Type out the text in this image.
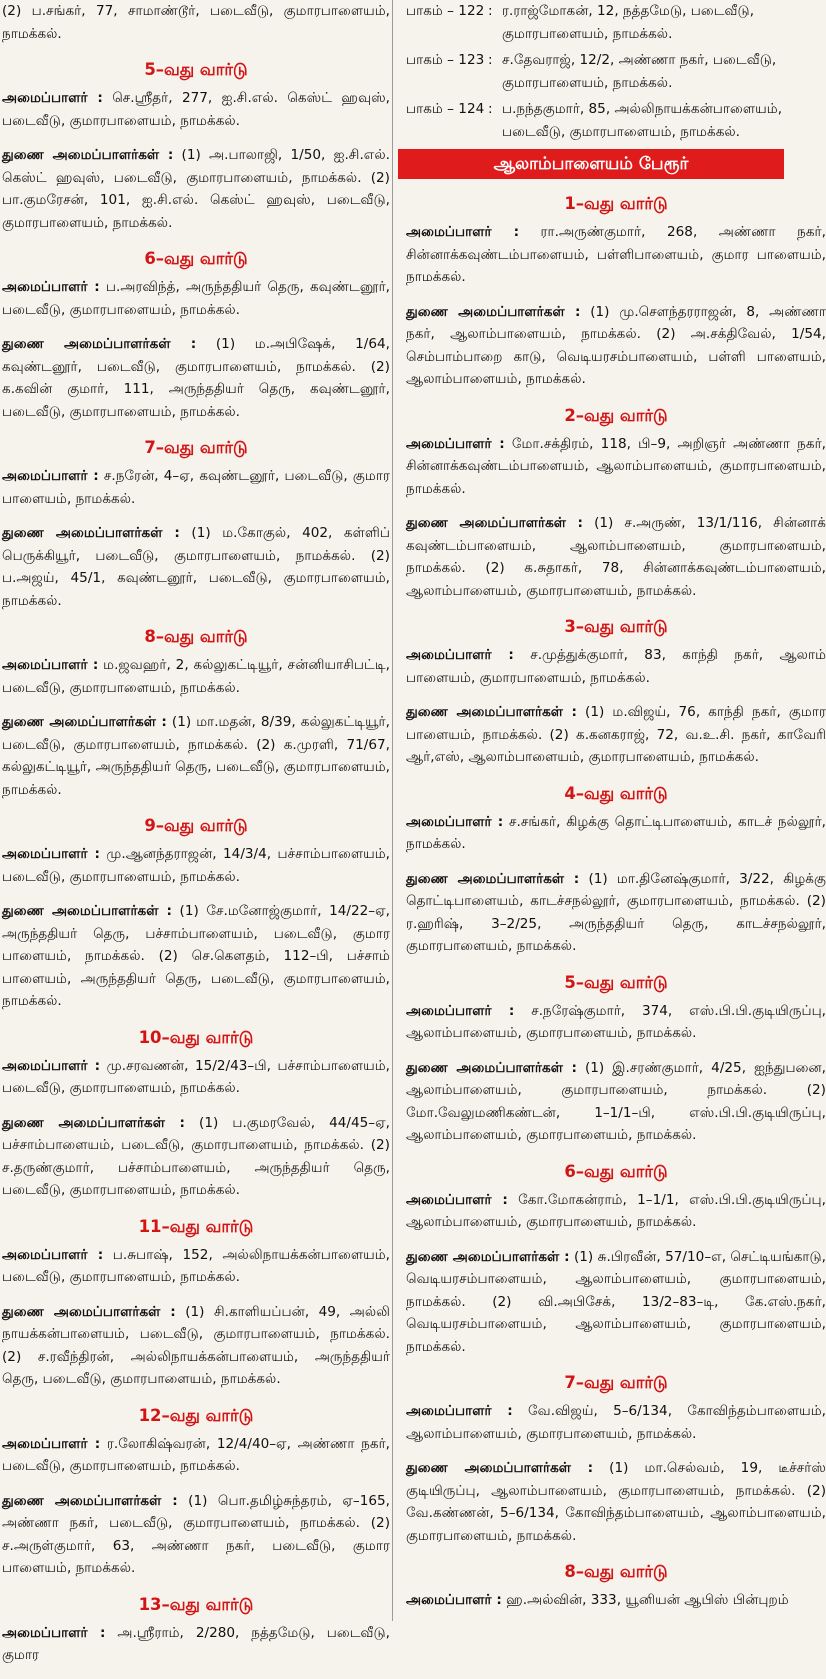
(2) ப.சங்கர், 77, சாமாண்டூர், படைவீடு, குமாரபாளையம், நாமக்கல்.

5–வது வார்டு

அமைப்பாளர் : செ.ஸ்ரீதர், 277, ஐ.சி.எல். கெஸ்ட் ஹவுஸ், படைவீடு, குமாரபாளையம், நாமக்கல்.

துணை அமைப்பாளர்கள் : (1) அ.பாலாஜி, 1/50, ஐ.சி.எல். கெஸ்ட் ஹவுஸ், படைவீடு, குமாரபாளையம், நாமக்கல். (2) பா.குமரேசன், 101, ஐ.சி.எல். கெஸ்ட் ஹவுஸ், படைவீடு, குமாரபாளையம், நாமக்கல்.

6–வது வார்டு

அமைப்பாளர் : ப.அரவிந்த், அருந்ததியர் தெரு, கவுண்டனூர், படைவீடு, குமாரபாளையம், நாமக்கல்.

துணை அமைப்பாளர்கள் : (1) ம.அபிஷேக், 1/64, கவுண்டனூர், படைவீடு, குமாரபாளையம், நாமக்கல். (2) க.கவின் குமார், 111, அருந்ததியர் தெரு, கவுண்டனூர், படைவீடு, குமாரபாளையம், நாமக்கல்.

7–வது வார்டு

அமைப்பாளர் : ச.நரேன், 4–ஏ, கவுண்டனூர், படைவீடு, குமார பாளையம், நாமக்கல்.

துணை அமைப்பாளர்கள் : (1) ம.கோகுல், 402, கள்ளிப் பெருக்கியூர், படைவீடு, குமாரபாளையம், நாமக்கல். (2) ப.அஜய், 45/1, கவுண்டனூர், படைவீடு, குமாரபாளையம், நாமக்கல்.

8–வது வார்டு

அமைப்பாளர் : ம.ஜவஹர், 2, கல்லுகட்டியூர், சன்னியாசிபட்டி, படைவீடு, குமாரபாளையம், நாமக்கல்.

துணை அமைப்பாளர்கள் : (1) மா.மதன், 8/39, கல்லுகட்டியூர், படைவீடு, குமாரபாளையம், நாமக்கல். (2) க.முரளி, 71/67, கல்லுகட்டியூர், அருந்ததியர் தெரு, படைவீடு, குமாரபாளையம், நாமக்கல்.

9–வது வார்டு

அமைப்பாளர் : மு.ஆனந்தராஜன், 14/3/4, பச்சாம்பாளையம், படைவீடு, குமாரபாளையம், நாமக்கல்.

துணை அமைப்பாளர்கள் : (1) சே.மனோஜ்குமார், 14/22–ஏ, அருந்ததியர் தெரு, பச்சாம்பாளையம், படைவீடு, குமார பாளையம், நாமக்கல். (2) செ.கௌதம், 112–பி, பச்சாம் பாளையம், அருந்ததியர் தெரு, படைவீடு, குமாரபாளையம், நாமக்கல்.

10–வது வார்டு

அமைப்பாளர் : மு.சரவணன், 15/2/43–பி, பச்சாம்பாளையம், படைவீடு, குமாரபாளையம், நாமக்கல்.

துணை அமைப்பாளர்கள் : (1) ப.குமரவேல், 44/45–ஏ, பச்சாம்பாளையம், படைவீடு, குமாரபாளையம், நாமக்கல். (2) ச.தருண்குமார், பச்சாம்பாளையம், அருந்ததியர் தெரு, படைவீடு, குமாரபாளையம், நாமக்கல்.

11–வது வார்டு

அமைப்பாளர் : ப.சுபாஷ், 152, அல்லிநாயக்கன்பாளையம், படைவீடு, குமாரபாளையம், நாமக்கல்.

துணை அமைப்பாளர்கள் : (1) சி.காளியப்பன், 49, அல்லி நாயக்கன்பாளையம், படைவீடு, குமாரபாளையம், நாமக்கல். (2) ச.ரவீந்திரன், அல்லிநாயக்கன்பாளையம், அருந்ததியர் தெரு, படைவீடு, குமாரபாளையம், நாமக்கல்.

12–வது வார்டு

அமைப்பாளர் : ர.லோகிஷ்வரன், 12/4/40–ஏ, அண்ணா நகர், படைவீடு, குமாரபாளையம், நாமக்கல்.

துணை அமைப்பாளர்கள் : (1) பொ.தமிழ்சுந்தரம், ஏ–165, அண்ணா நகர், படைவீடு, குமாரபாளையம், நாமக்கல். (2) ச.அருள்குமார், 63, அண்ணா நகர், படைவீடு, குமார பாளையம், நாமக்கல்.

13–வது வார்டு

அமைப்பாளர் : அ.ஸ்ரீராம், 2/280, நத்தமேடு, படைவீடு, குமார

பாகம் – 122 : ர.ராஜ்மோகன், 12, நத்தமேடு, படைவீடு, குமாரபாளையம், நாமக்கல்.
பாகம் – 123 : ச.தேவராஜ், 12/2, அண்ணா நகர், படைவீடு, குமாரபாளையம், நாமக்கல்.
பாகம் – 124 : ப.நந்தகுமார், 85, அல்லிநாயக்கன்பாளையம், படைவீடு, குமாரபாளையம், நாமக்கல்.
ஆலாம்பாளையம் பேரூர்
1–வது வார்டு

அமைப்பாளர் : ரா.அருண்குமார், 268, அண்ணா நகர், சின்னாக்கவுண்டம்பாளையம், பள்ளிபாளையம், குமார பாளையம், நாமக்கல்.

துணை அமைப்பாளர்கள் : (1) மு.சௌந்தரராஜன், 8, அண்ணா நகர், ஆலாம்பாளையம், நாமக்கல். (2) அ.சக்திவேல், 1/54, செம்பாம்பாறை காடு, வெடியரசம்பாளையம், பள்ளி பாளையம், ஆலாம்பாளையம், நாமக்கல்.

2–வது வார்டு

அமைப்பாளர் : மோ.சக்திரம், 118, பி–9, அறிஞர் அண்ணா நகர், சின்னாக்கவுண்டம்பாளையம், ஆலாம்பாளையம், குமாரபாளையம், நாமக்கல்.

துணை அமைப்பாளர்கள் : (1) ச.அருண், 13/1/116, சின்னாக் கவுண்டம்பாளையம், ஆலாம்பாளையம், குமாரபாளையம், நாமக்கல். (2) க.சுதாகர், 78, சின்னாக்கவுண்டம்பாளையம், ஆலாம்பாளையம், குமாரபாளையம், நாமக்கல்.

3–வது வார்டு

அமைப்பாளர் : ச.முத்துக்குமார், 83, காந்தி நகர், ஆலாம் பாளையம், குமாரபாளையம், நாமக்கல்.

துணை அமைப்பாளர்கள் : (1) ம.விஜய், 76, காந்தி நகர், குமார பாளையம், நாமக்கல். (2) க.கனகராஜ், 72, வ.உ.சி. நகர், காவேரி ஆர்,எஸ், ஆலாம்பாளையம், குமாரபாளையம், நாமக்கல்.

4–வது வார்டு

அமைப்பாளர் : ச.சங்கர், கிழக்கு தொட்டிபாளையம், காடச் நல்லூர், நாமக்கல்.

துணை அமைப்பாளர்கள் : (1) மா.தினேஷ்குமார், 3/22, கிழக்கு தொட்டிபாளையம், காடச்சநல்லூர், குமாரபாளையம், நாமக்கல். (2) ர.ஹரிஷ், 3–2/25, அருந்ததியர் தெரு, காடச்சநல்லூர், குமாரபாளையம், நாமக்கல்.

5–வது வார்டு

அமைப்பாளர் : ச.நரேஷ்குமார், 374, எஸ்.பி.பி.குடியிருப்பு, ஆலாம்பாளையம், குமாரபாளையம், நாமக்கல்.

துணை அமைப்பாளர்கள் : (1) இ.சரண்குமார், 4/25, ஐந்துபனை, ஆலாம்பாளையம், குமாரபாளையம், நாமக்கல். (2) மோ.வேலுமணிகண்டன், 1–1/1–பி, எஸ்.பி.பி.குடியிருப்பு, ஆலாம்பாளையம், குமாரபாளையம், நாமக்கல்.

6–வது வார்டு

அமைப்பாளர் : கோ.மோகன்ராம், 1–1/1, எஸ்.பி.பி.குடியிருப்பு, ஆலாம்பாளையம், குமாரபாளையம், நாமக்கல்.

துணை அமைப்பாளர்கள் : (1) சு.பிரவீன், 57/10–எ, செட்டியங்காடு, வெடியரசம்பாளையம், ஆலாம்பாளையம், குமாரபாளையம், நாமக்கல். (2) வி.அபிசேக், 13/2–83–டி, கே.எஸ்.நகர், வெடியரசம்பாளையம், ஆலாம்பாளையம், குமாரபாளையம், நாமக்கல்.

7–வது வார்டு

அமைப்பாளர் : வே.விஜய், 5–6/134, கோவிந்தம்பாளையம், ஆலாம்பாளையம், குமாரபாளையம், நாமக்கல்.

துணை அமைப்பாளர்கள் : (1) மா.செல்வம், 19, டீச்சர்ஸ் குடியிருப்பு, ஆலாம்பாளையம், குமாரபாளையம், நாமக்கல். (2) வே.கண்ணன், 5–6/134, கோவிந்தம்பாளையம், ஆலாம்பாளையம், குமாரபாளையம், நாமக்கல்.

8–வது வார்டு

அமைப்பாளர் : ஹ.அல்வின், 333, யூனியன் ஆபிஸ் பின்புறம்
